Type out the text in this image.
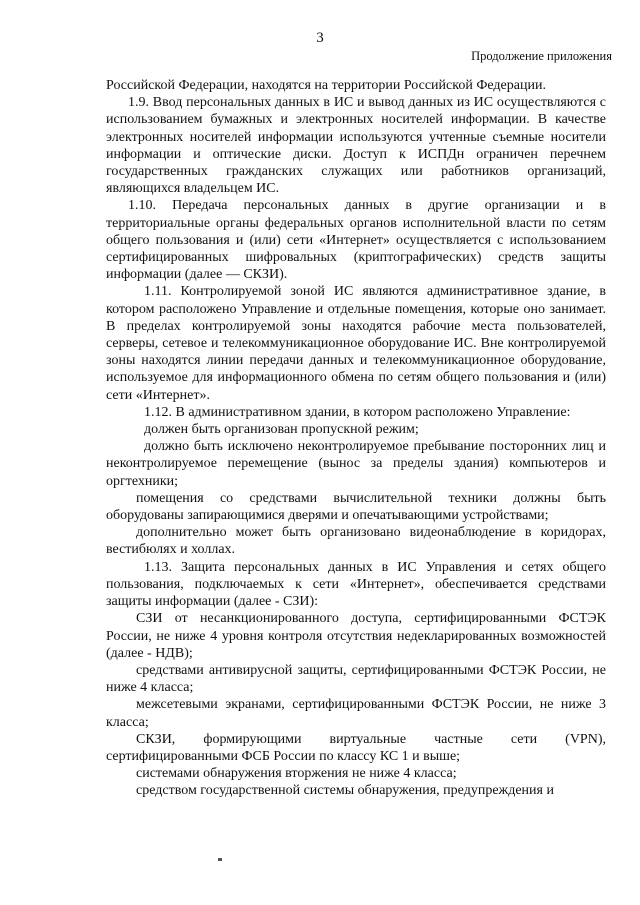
3
Продолжение приложения

Российской Федерации, находятся на территории Российской Федерации.

1.9. Ввод персональных данных в ИС и вывод данных из ИС осуществляются с использованием бумажных и электронных носителей информации. В качестве электронных носителей информации используются учтенные съемные носители информации и оптические диски. Доступ к ИСПДн ограничен перечнем государственных гражданских служащих или работников организаций, являющихся владельцем ИС.

1.10. Передача персональных данных в другие организации и в территориальные органы федеральных органов исполнительной власти по сетям общего пользования и (или) сети «Интернет» осуществляется с использованием сертифицированных шифровальных (криптографических) средств защиты информации (далее — СКЗИ).

1.11. Контролируемой зоной ИС являются административное здание, в котором расположено Управление и отдельные помещения, которые оно занимает. В пределах контролируемой зоны находятся рабочие места пользователей, серверы, сетевое и телекоммуникационное оборудование ИС. Вне контролируемой зоны находятся линии передачи данных и телекоммуникационное оборудование, используемое для информационного обмена по сетям общего пользования и (или) сети «Интернет».

1.12. В административном здании, в котором расположено Управление:

должен быть организован пропускной режим;

должно быть исключено неконтролируемое пребывание посторонних лиц и неконтролируемое перемещение (вынос за пределы здания) компьютеров и оргтехники;

помещения со средствами вычислительной техники должны быть оборудованы запирающимися дверями и опечатывающими устройствами;

дополнительно может быть организовано видеонаблюдение в коридорах, вестибюлях и холлах.

1.13. Защита персональных данных в ИС Управления и сетях общего пользования, подключаемых к сети «Интернет», обеспечивается средствами защиты информации (далее - СЗИ):

СЗИ от несанкционированного доступа, сертифицированными ФСТЭК России, не ниже 4 уровня контроля отсутствия недекларированных возможностей (далее - НДВ);

средствами антивирусной защиты, сертифицированными ФСТЭК России, не ниже 4 класса;

межсетевыми экранами, сертифицированными ФСТЭК России, не ниже 3 класса;

СКЗИ, формирующими виртуальные частные сети (VPN), сертифицированными ФСБ России по классу КС 1 и выше;

системами обнаружения вторжения не ниже 4 класса;

средством государственной системы обнаружения, предупреждения и
